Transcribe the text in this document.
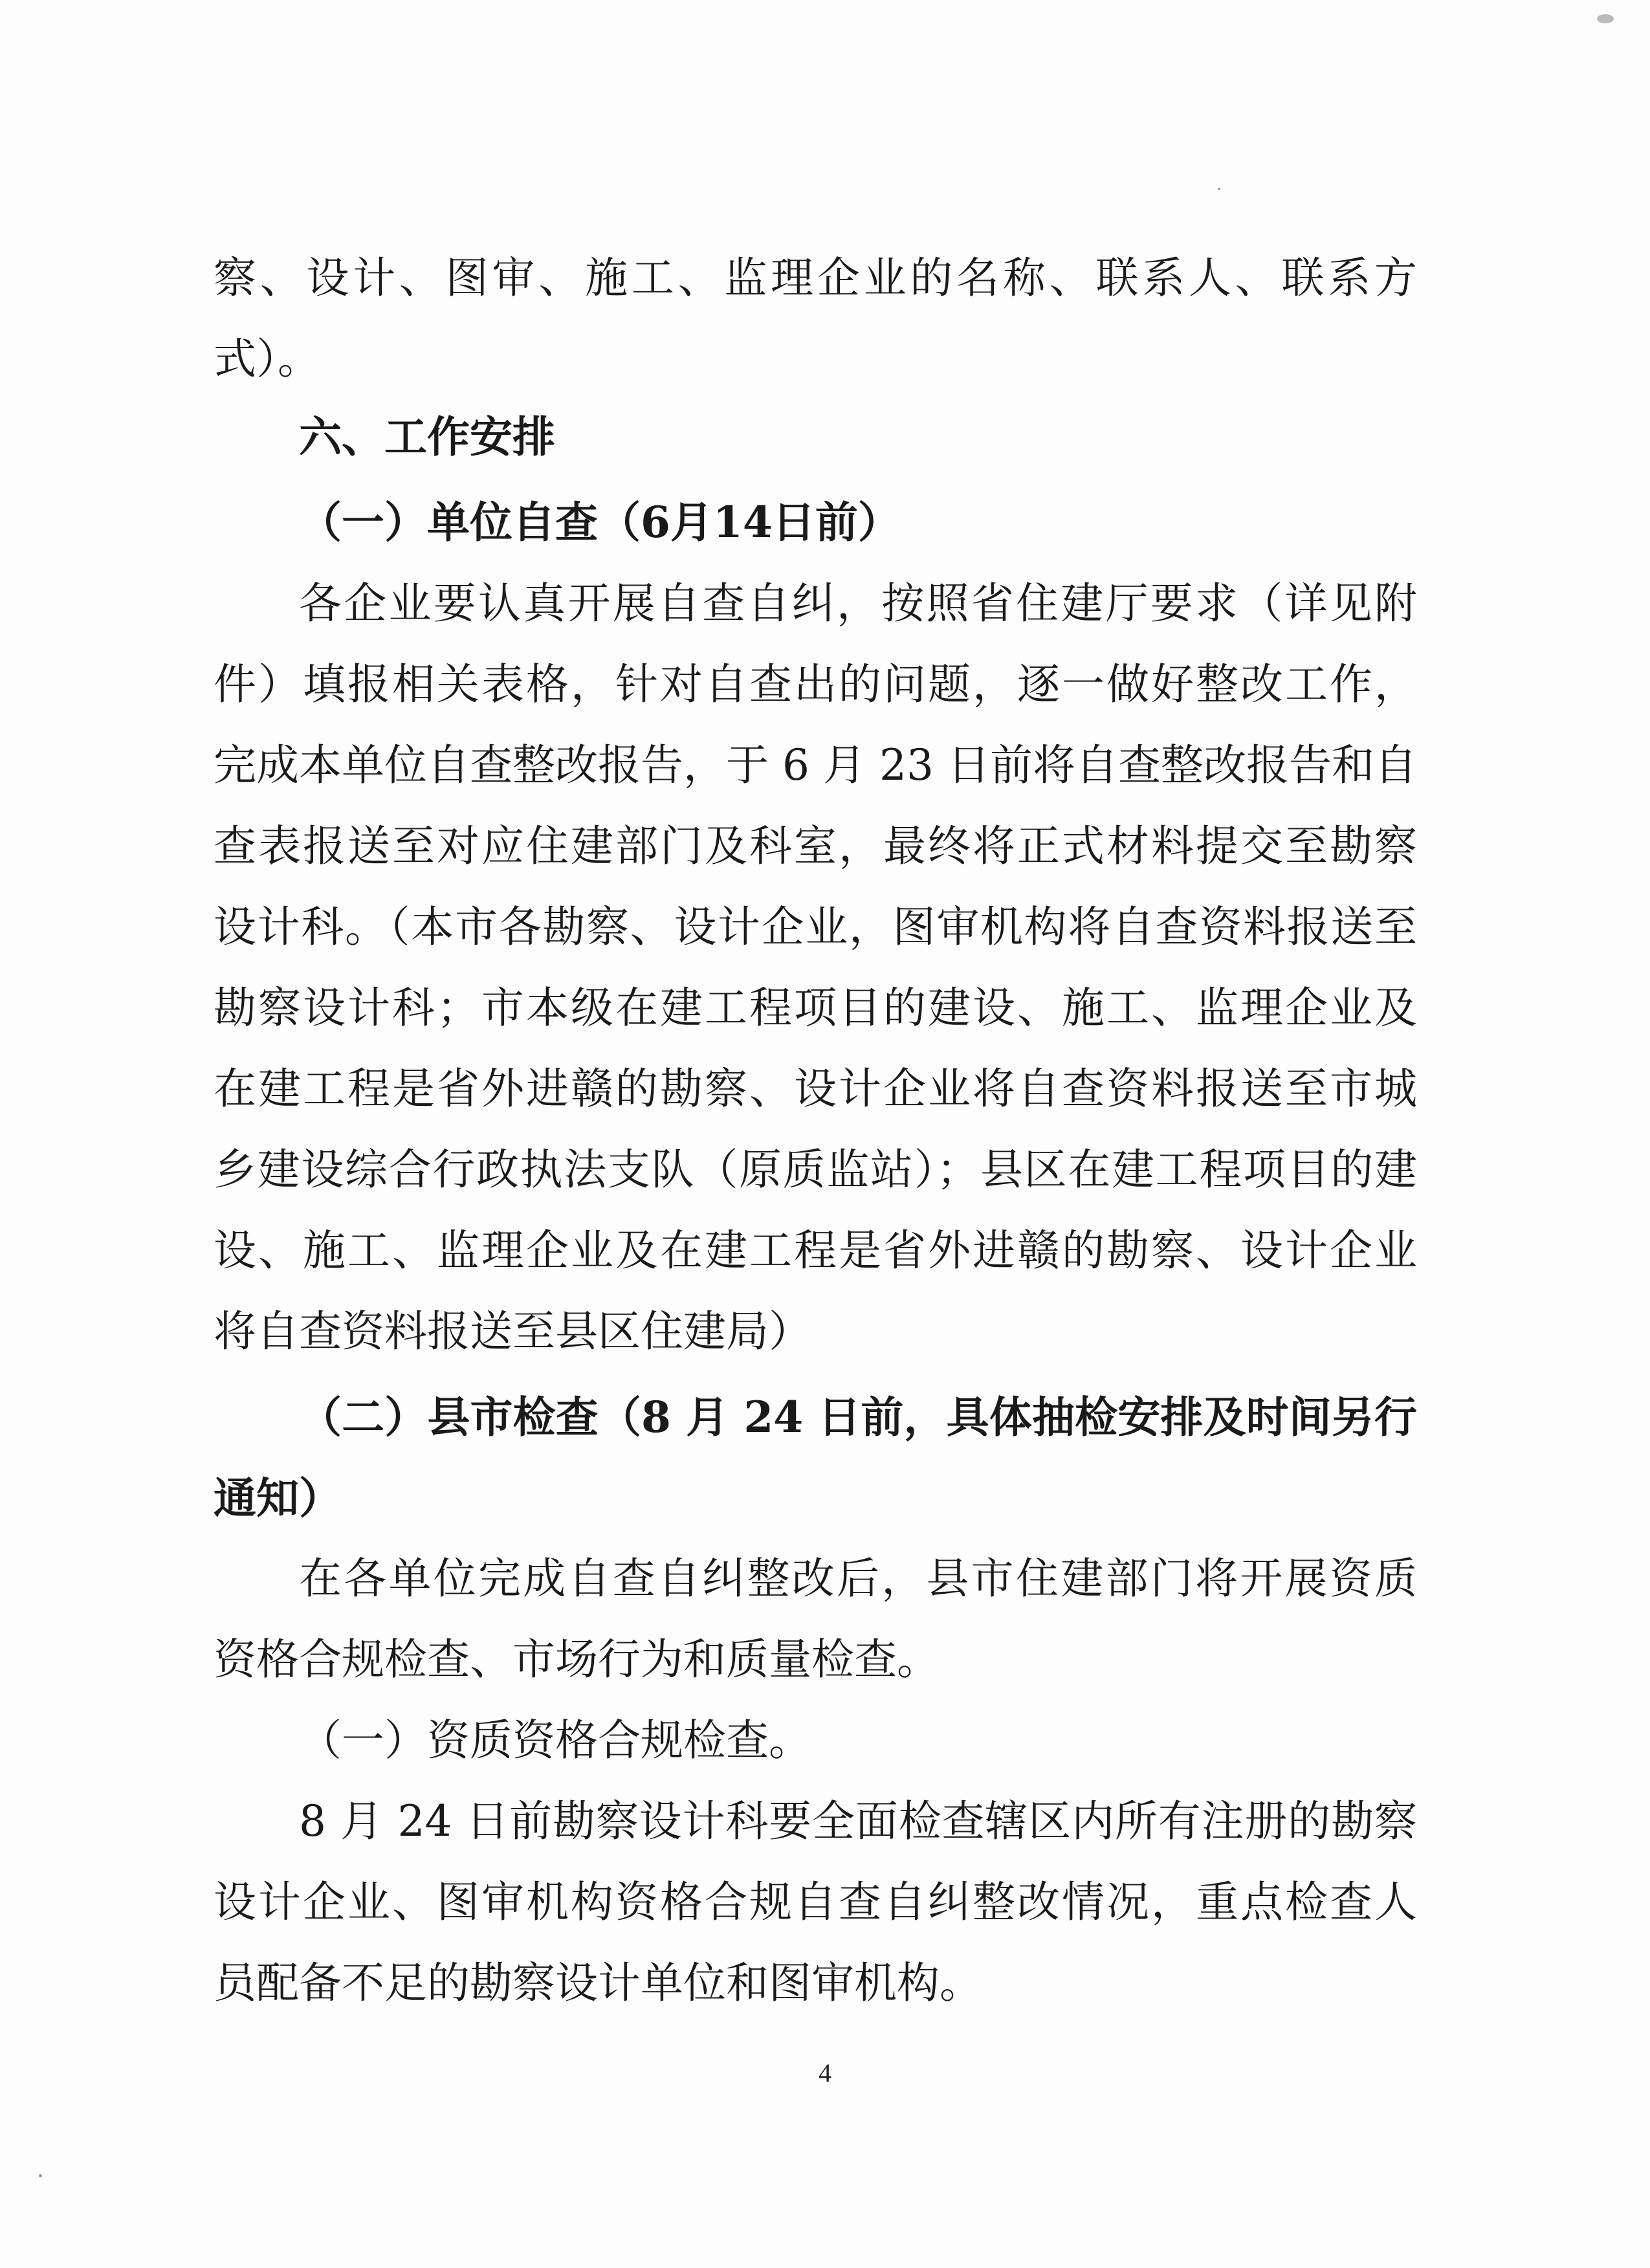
察、设计、图审、施工、监理企业的名称、联系人、联系方
式）。
六、工作安排
（一）单位自查（6月14日前）
各企业要认真开展自查自纠，按照省住建厅要求（详见附
件）填报相关表格，针对自查出的问题，逐一做好整改工作，
完成本单位自查整改报告，于 6 月 23 日前将自查整改报告和自
查表报送至对应住建部门及科室，最终将正式材料提交至勘察
设计科。（本市各勘察、设计企业，图审机构将自查资料报送至
勘察设计科；市本级在建工程项目的建设、施工、监理企业及
在建工程是省外进赣的勘察、设计企业将自查资料报送至市城
乡建设综合行政执法支队（原质监站）；县区在建工程项目的建
设、施工、监理企业及在建工程是省外进赣的勘察、设计企业
将自查资料报送至县区住建局）
（二）县市检查（8 月 24 日前，具体抽检安排及时间另行
通知）
在各单位完成自查自纠整改后，县市住建部门将开展资质
资格合规检查、市场行为和质量检查。
（一）资质资格合规检查。
8 月 24 日前勘察设计科要全面检查辖区内所有注册的勘察
设计企业、图审机构资格合规自查自纠整改情况，重点检查人
员配备不足的勘察设计单位和图审机构。
4
